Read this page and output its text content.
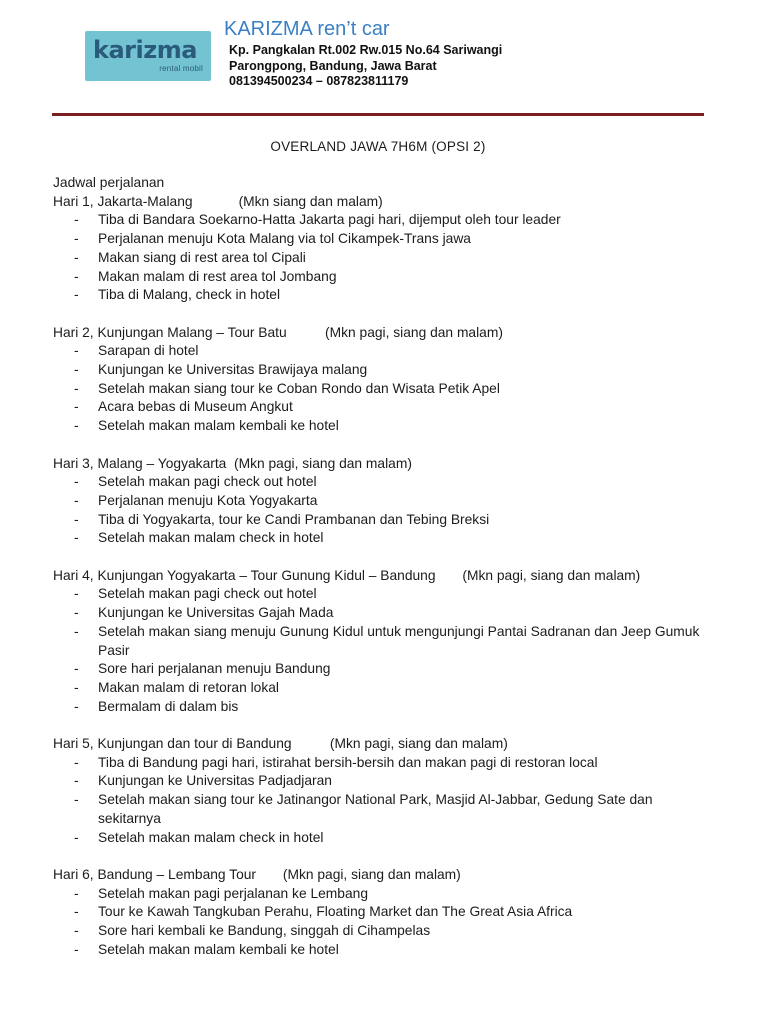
karizma
rental mobil
KARIZMA ren’t car
Kp. Pangkalan Rt.002 Rw.015 No.64 Sariwangi
Parongpong, Bandung, Jawa Barat
081394500234 – 087823811179
OVERLAND JAWA 7H6M (OPSI 2)
Jadwal perjalanan
Hari 1, Jakarta-Malang	(Mkn siang dan malam)
- Tiba di Bandara Soekarno-Hatta Jakarta pagi hari, dijemput oleh tour leader
- Perjalanan menuju Kota Malang via tol Cikampek-Trans jawa
- Makan siang di rest area tol Cipali
- Makan malam di rest area tol Jombang
- Tiba di Malang, check in hotel
Hari 2, Kunjungan Malang – Tour Batu	(Mkn pagi, siang dan malam)
- Sarapan di hotel
- Kunjungan ke Universitas Brawijaya malang
- Setelah makan siang tour ke Coban Rondo dan Wisata Petik Apel
- Acara bebas di Museum Angkut
- Setelah makan malam kembali ke hotel
Hari 3, Malang – Yogyakarta (Mkn pagi, siang dan malam)
- Setelah makan pagi check out hotel
- Perjalanan menuju Kota Yogyakarta
- Tiba di Yogyakarta, tour ke Candi Prambanan dan Tebing Breksi
- Setelah makan malam check in hotel
Hari 4, Kunjungan Yogyakarta – Tour Gunung Kidul – Bandung (Mkn pagi, siang dan malam)
- Setelah makan pagi check out hotel
- Kunjungan ke Universitas Gajah Mada
- Setelah makan siang menuju Gunung Kidul untuk mengunjungi Pantai Sadranan dan Jeep Gumuk Pasir
- Sore hari perjalanan menuju Bandung
- Makan malam di retoran lokal
- Bermalam di dalam bis
Hari 5, Kunjungan dan tour di Bandung	(Mkn pagi, siang dan malam)
- Tiba di Bandung pagi hari, istirahat bersih-bersih dan makan pagi di restoran local
- Kunjungan ke Universitas Padjadjaran
- Setelah makan siang tour ke Jatinangor National Park, Masjid Al-Jabbar, Gedung Sate dan sekitarnya
- Setelah makan malam check in hotel
Hari 6, Bandung – Lembang Tour (Mkn pagi, siang dan malam)
- Setelah makan pagi perjalanan ke Lembang
- Tour ke Kawah Tangkuban Perahu, Floating Market dan The Great Asia Africa
- Sore hari kembali ke Bandung, singgah di Cihampelas
- Setelah makan malam kembali ke hotel
